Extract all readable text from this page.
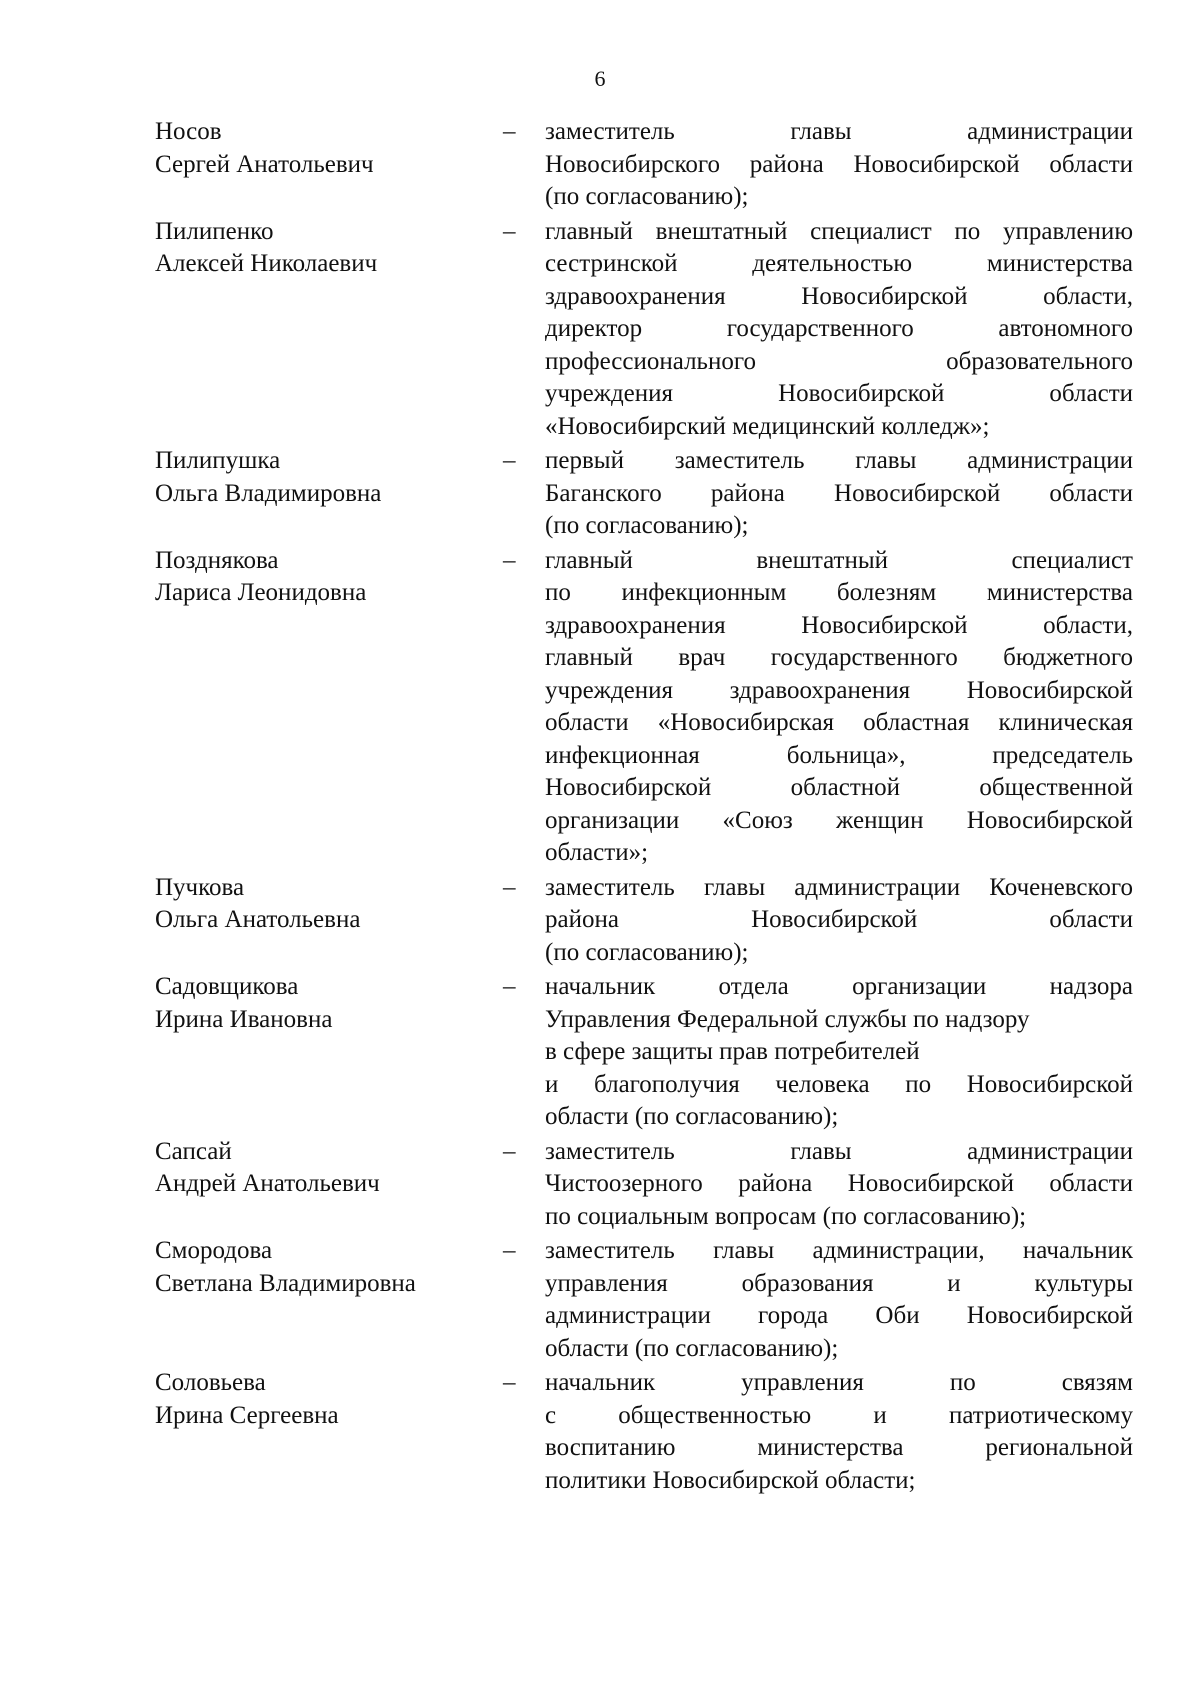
6
Носов
Сергей Анатольевич
– заместитель главы администрации
Новосибирского района Новосибирской области
(по согласованию);
Пилипенко
Алексей Николаевич
– главный внештатный специалист по управлению
сестринской деятельностью министерства
здравоохранения Новосибирской области,
директор государственного автономного
профессионального образовательного
учреждения Новосибирской области
«Новосибирский медицинский колледж»;
Пилипушка
Ольга Владимировна
– первый заместитель главы администрации
Баганского района Новосибирской области
(по согласованию);
Позднякова
Лариса Леонидовна
– главный внештатный специалист
по инфекционным болезням министерства
здравоохранения Новосибирской области,
главный врач государственного бюджетного
учреждения здравоохранения Новосибирской
области «Новосибирская областная клиническая
инфекционная больница», председатель
Новосибирской областной общественной
организации «Союз женщин Новосибирской
области»;
Пучкова
Ольга Анатольевна
– заместитель главы администрации Коченевского
района Новосибирской области
(по согласованию);
Садовщикова
Ирина Ивановна
– начальник отдела организации надзора
Управления Федеральной службы по надзору
в сфере защиты прав потребителей
и благополучия человека по Новосибирской
области (по согласованию);
Сапсай
Андрей Анатольевич
– заместитель главы администрации
Чистоозерного района Новосибирской области
по социальным вопросам (по согласованию);
Смородова
Светлана Владимировна
– заместитель главы администрации, начальник
управления образования и культуры
администрации города Оби Новосибирской
области (по согласованию);
Соловьева
Ирина Сергеевна
– начальник управления по связям
с общественностью и патриотическому
воспитанию министерства региональной
политики Новосибирской области;
